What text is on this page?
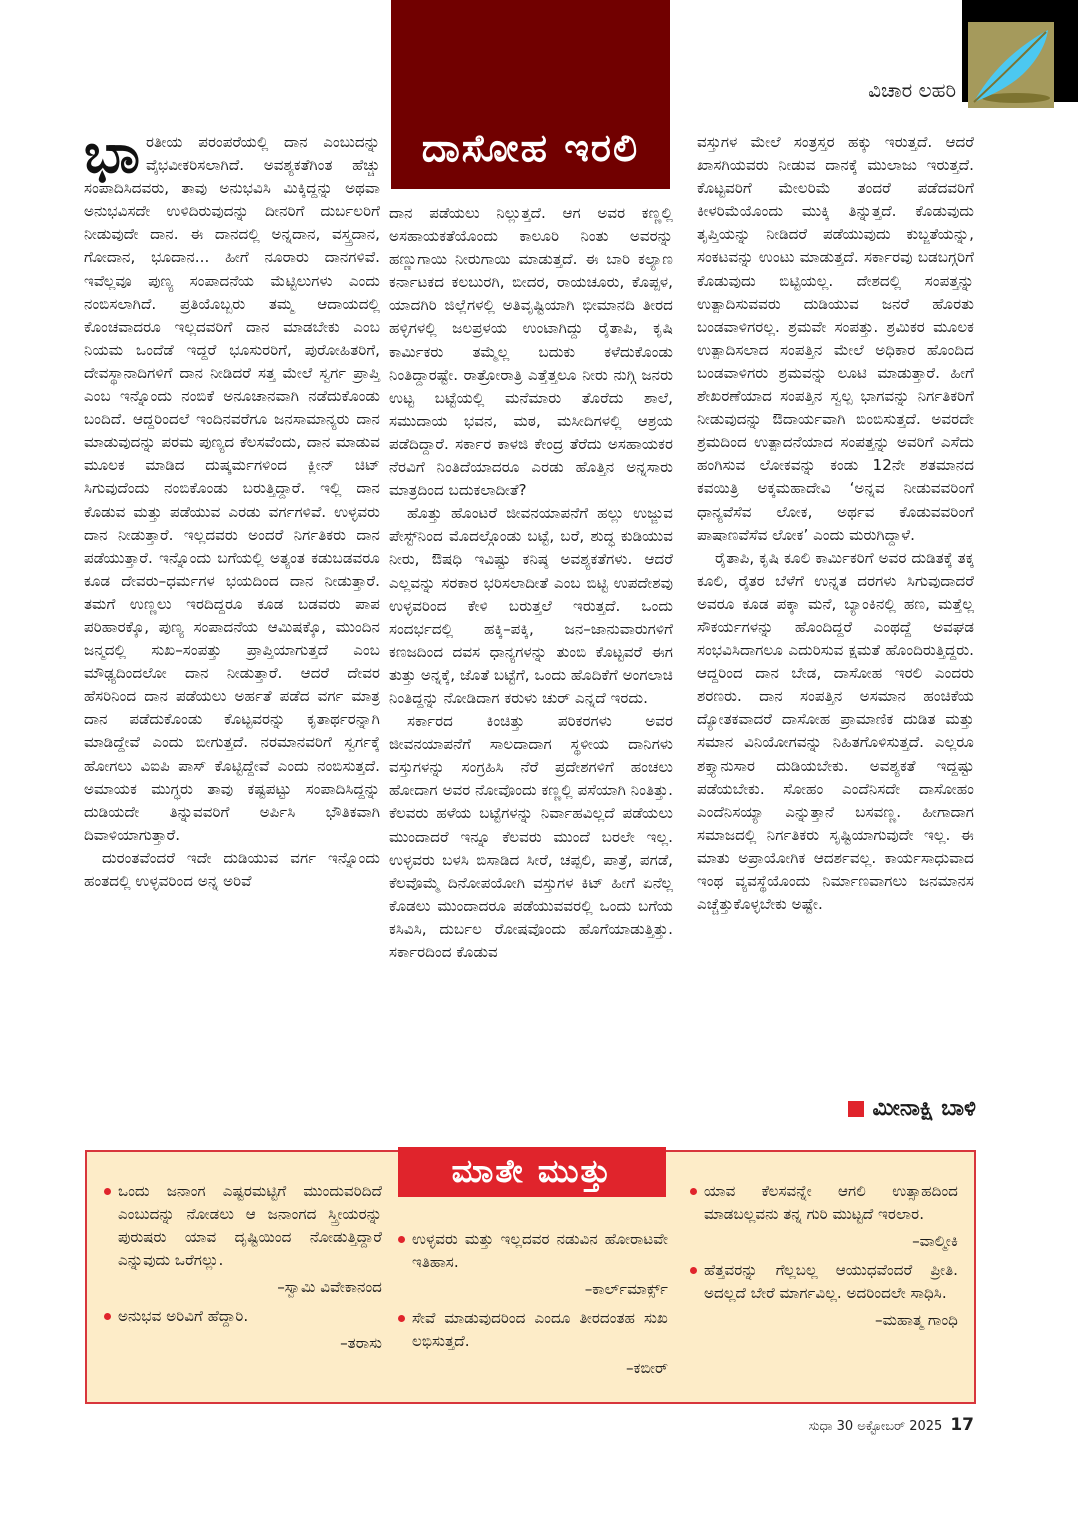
ವಿಚಾರ ಲಹರಿ
ದಾಸೋಹ ಇರಲಿ

ಭಾರತೀಯ ಪರಂಪರೆಯಲ್ಲಿ ದಾನ ಎಂಬುದನ್ನು ವೈಭವೀಕರಿಸಲಾಗಿದೆ. ಅವಶ್ಯಕತೆಗಿಂತ ಹೆಚ್ಚು ಸಂಪಾದಿಸಿದವರು, ತಾವು ಅನುಭವಿಸಿ ಮಿಕ್ಕಿದ್ದನ್ನು ಅಥವಾ ಅನುಭವಿಸದೇ ಉಳಿದಿರುವುದನ್ನು ದೀನರಿಗೆ ದುರ್ಬಲರಿಗೆ ನೀಡುವುದೇ ದಾನ. ಈ ದಾನದಲ್ಲಿ ಅನ್ನದಾನ, ವಸ್ತ್ರದಾನ, ಗೋದಾನ, ಭೂದಾನ... ಹೀಗೆ ನೂರಾರು ದಾನಗಳಿವೆ. ಇವೆಲ್ಲವೂ ಪುಣ್ಯ ಸಂಪಾದನೆಯ ಮೆಟ್ಟಿಲುಗಳು ಎಂದು ನಂಬಿಸಲಾಗಿದೆ. ಪ್ರತಿಯೊಬ್ಬರು ತಮ್ಮ ಆದಾಯದಲ್ಲಿ ಕೊಂಚವಾದರೂ ಇಲ್ಲದವರಿಗೆ ದಾನ ಮಾಡಬೇಕು ಎಂಬ ನಿಯಮ ಒಂದೆಡೆ ಇದ್ದರೆ ಭೂಸುರರಿಗೆ, ಪುರೋಹಿತರಿಗೆ, ದೇವಸ್ಥಾನಾದಿಗಳಿಗೆ ದಾನ ನೀಡಿದರೆ ಸತ್ತ ಮೇಲೆ ಸ್ವರ್ಗ ಪ್ರಾಪ್ತಿ ಎಂಬ ಇನ್ನೊಂದು ನಂಬಿಕೆ ಅನೂಚಾನವಾಗಿ ನಡೆದುಕೊಂಡು ಬಂದಿದೆ. ಆದ್ದರಿಂದಲೆ ಇಂದಿನವರೆಗೂ ಜನಸಾಮಾನ್ಯರು ದಾನ ಮಾಡುವುದನ್ನು ಪರಮ ಪುಣ್ಯದ ಕೆಲಸವೆಂದು, ದಾನ ಮಾಡುವ ಮೂಲಕ ಮಾಡಿದ ದುಷ್ಕರ್ಮಗಳಿಂದ ಕ್ಲೀನ್ ಚಿಟ್ ಸಿಗುವುದೆಂದು ನಂಬಿಕೊಂಡು ಬರುತ್ತಿದ್ದಾರೆ. ಇಲ್ಲಿ ದಾನ ಕೊಡುವ ಮತ್ತು ಪಡೆಯುವ ಎರಡು ವರ್ಗಗಳಿವೆ. ಉಳ್ಳವರು ದಾನ ನೀಡುತ್ತಾರೆ. ಇಲ್ಲದವರು ಅಂದರೆ ನಿರ್ಗತಿಕರು ದಾನ ಪಡೆಯುತ್ತಾರೆ. ಇನ್ನೊಂದು ಬಗೆಯಲ್ಲಿ ಅತ್ಯಂತ ಕಡುಬಡವರೂ ಕೂಡ ದೇವರು–ಧರ್ಮಗಳ ಭಯದಿಂದ ದಾನ ನೀಡುತ್ತಾರೆ. ತಮಗೆ ಉಣ್ಣಲು ಇರದಿದ್ದರೂ ಕೂಡ ಬಡವರು ಪಾಪ ಪರಿಹಾರಕ್ಕೊ, ಪುಣ್ಯ ಸಂಪಾದನೆಯ ಆಮಿಷಕ್ಕೊ, ಮುಂದಿನ ಜನ್ಮದಲ್ಲಿ ಸುಖ–ಸಂಪತ್ತು ಪ್ರಾಪ್ತಿಯಾಗುತ್ತದೆ ಎಂಬ ಮೌಢ್ಯದಿಂದಲೋ ದಾನ ನೀಡುತ್ತಾರೆ. ಆದರೆ ದೇವರ ಹೆಸರಿನಿಂದ ದಾನ ಪಡೆಯಲು ಅರ್ಹತೆ ಪಡೆದ ವರ್ಗ ಮಾತ್ರ ದಾನ ಪಡೆದುಕೊಂಡು ಕೊಟ್ಟವರನ್ನು ಕೃತಾರ್ಥರನ್ನಾಗಿ ಮಾಡಿದ್ದೇವೆ ಎಂದು ಬೀಗುತ್ತದೆ. ನರಮಾನವರಿಗೆ ಸ್ವರ್ಗಕ್ಕೆ ಹೋಗಲು ವಿಐಪಿ ಪಾಸ್ ಕೊಟ್ಟಿದ್ದೇವೆ ಎಂದು ನಂಬಿಸುತ್ತದೆ. ಅಮಾಯಕ ಮುಗ್ಧರು ತಾವು ಕಷ್ಟಪಟ್ಟು ಸಂಪಾದಿಸಿದ್ದನ್ನು ದುಡಿಯದೇ ತಿನ್ನುವವರಿಗೆ ಅರ್ಪಿಸಿ ಭೌತಿಕವಾಗಿ ದಿವಾಳಿಯಾಗುತ್ತಾರೆ.

ದುರಂತವೆಂದರೆ ಇದೇ ದುಡಿಯುವ ವರ್ಗ ಇನ್ನೊಂದು ಹಂತದಲ್ಲಿ ಉಳ್ಳವರಿಂದ ಅನ್ನ ಅರಿವೆ

ದಾನ ಪಡೆಯಲು ನಿಲ್ಲುತ್ತದೆ. ಆಗ ಅವರ ಕಣ್ಣಲ್ಲಿ ಅಸಹಾಯಕತೆಯೊಂದು ಕಾಲೂರಿ ನಿಂತು ಅವರನ್ನು ಹಣ್ಣುಗಾಯಿ ನೀರುಗಾಯಿ ಮಾಡುತ್ತದೆ. ಈ ಬಾರಿ ಕಲ್ಯಾಣ ಕರ್ನಾಟಕದ ಕಲಬುರಗಿ, ಬೀದರ, ರಾಯಚೂರು, ಕೊಪ್ಪಳ, ಯಾದಗಿರಿ ಜಿಲ್ಲೆಗಳಲ್ಲಿ ಅತಿವೃಷ್ಟಿಯಾಗಿ ಭೀಮಾನದಿ ತೀರದ ಹಳ್ಳಿಗಳಲ್ಲಿ ಜಲಪ್ರಳಯ ಉಂಟಾಗಿದ್ದು ರೈತಾಪಿ, ಕೃಷಿ ಕಾರ್ಮಿಕರು ತಮ್ಮೆಲ್ಲ ಬದುಕು ಕಳೆದುಕೊಂಡು ನಿಂತಿದ್ದಾರಷ್ಟೇ. ರಾತ್ರೋರಾತ್ರಿ ಎತ್ತೆತ್ತಲೂ ನೀರು ನುಗ್ಗಿ ಜನರು ಉಟ್ಟ ಬಟ್ಟೆಯಲ್ಲಿ ಮನೆಮಾರು ತೊರೆದು ಶಾಲೆ, ಸಮುದಾಯ ಭವನ, ಮಠ, ಮಸೀದಿಗಳಲ್ಲಿ ಆಶ್ರಯ ಪಡೆದಿದ್ದಾರೆ. ಸರ್ಕಾರ ಕಾಳಜಿ ಕೇಂದ್ರ ತೆರೆದು ಅಸಹಾಯಕರ ನೆರವಿಗೆ ನಿಂತಿದೆಯಾದರೂ ಎರಡು ಹೊತ್ತಿನ ಅನ್ನಸಾರು ಮಾತ್ರದಿಂದ ಬದುಕಲಾದೀತೆ?

ಹೊತ್ತು ಹೊಂಟರೆ ಜೀವನಯಾಪನೆಗೆ ಹಲ್ಲು ಉಜ್ಜುವ ಪೇಸ್ಟ್‌ನಿಂದ ಮೊದಲ್ಗೊಂಡು ಬಟ್ಟೆ, ಬರೆ, ಶುದ್ಧ ಕುಡಿಯುವ ನೀರು, ಔಷಧಿ ಇವಿಷ್ಟು ಕನಿಷ್ಠ ಅವಶ್ಯಕತೆಗಳು. ಆದರೆ ಎಲ್ಲವನ್ನು ಸರಕಾರ ಭರಿಸಲಾದೀತೆ ಎಂಬ ಬಿಟ್ಟಿ ಉಪದೇಶವು ಉಳ್ಳವರಿಂದ ಕೇಳಿ ಬರುತ್ತಲೆ ಇರುತ್ತದೆ. ಒಂದು ಸಂದರ್ಭದಲ್ಲಿ ಹಕ್ಕಿ–ಪಕ್ಕಿ, ಜನ–ಜಾನುವಾರುಗಳಿಗೆ ಕಣಜದಿಂದ ದವಸ ಧಾನ್ಯಗಳನ್ನು ತುಂಬಿ ಕೊಟ್ಟವರೆ ಈಗ ತುತ್ತು ಅನ್ನಕ್ಕೆ, ಜೊತೆ ಬಟ್ಟೆಗೆ, ಒಂದು ಹೊದಿಕೆಗೆ ಅಂಗಲಾಚಿ ನಿಂತಿದ್ದನ್ನು ನೋಡಿದಾಗ ಕರುಳು ಚುರ್ ಎನ್ನದೆ ಇರದು.

ಸರ್ಕಾರದ ಕಿಂಚಿತ್ತು ಪರಿಕರಗಳು ಅವರ ಜೀವನಯಾಪನೆಗೆ ಸಾಲದಾದಾಗ ಸ್ಥಳೀಯ ದಾನಿಗಳು ವಸ್ತುಗಳನ್ನು ಸಂಗ್ರಹಿಸಿ ನೆರೆ ಪ್ರದೇಶಗಳಿಗೆ ಹಂಚಲು ಹೋದಾಗ ಅವರ ನೋವೊಂದು ಕಣ್ಣಲ್ಲಿ ಪಸೆಯಾಗಿ ನಿಂತಿತ್ತು. ಕೆಲವರು ಹಳೆಯ ಬಟ್ಟೆಗಳನ್ನು ನಿರ್ವಾಹವಿಲ್ಲದೆ ಪಡೆಯಲು ಮುಂದಾದರೆ ಇನ್ನೂ ಕೆಲವರು ಮುಂದೆ ಬರಲೇ ಇಲ್ಲ. ಉಳ್ಳವರು ಬಳಸಿ ಬಿಸಾಡಿದ ಸೀರೆ, ಚಪ್ಪಲಿ, ಪಾತ್ರೆ, ಪಗಡೆ, ಕೆಲವೊಮ್ಮೆ ದಿನೋಪಯೋಗಿ ವಸ್ತುಗಳ ಕಿಟ್ ಹೀಗೆ ಏನೆಲ್ಲ ಕೊಡಲು ಮುಂದಾದರೂ ಪಡೆಯುವವರಲ್ಲಿ ಒಂದು ಬಗೆಯ ಕಸಿವಿಸಿ, ದುರ್ಬಲ ರೋಷವೊಂದು ಹೊಗೆಯಾಡುತ್ತಿತ್ತು. ಸರ್ಕಾರದಿಂದ ಕೊಡುವ

ವಸ್ತುಗಳ ಮೇಲೆ ಸಂತ್ರಸ್ತರ ಹಕ್ಕು ಇರುತ್ತದೆ. ಆದರೆ ಖಾಸಗಿಯವರು ನೀಡುವ ದಾನಕ್ಕೆ ಮುಲಾಜು ಇರುತ್ತದೆ. ಕೊಟ್ಟವರಿಗೆ ಮೇಲರಿಮೆ ತಂದರೆ ಪಡೆದವರಿಗೆ ಕೀಳರಿಮೆಯೊಂದು ಮುಕ್ಕಿ ತಿನ್ನುತ್ತದೆ. ಕೊಡುವುದು ತೃಪ್ತಿಯನ್ನು ನೀಡಿದರೆ ಪಡೆಯುವುದು ಕುಬ್ಜತೆಯನ್ನು, ಸಂಕಟವನ್ನು ಉಂಟು ಮಾಡುತ್ತದೆ. ಸರ್ಕಾರವು ಬಡಬಗ್ಗರಿಗೆ ಕೊಡುವುದು ಬಿಟ್ಟಿಯಲ್ಲ. ದೇಶದಲ್ಲಿ ಸಂಪತ್ತನ್ನು ಉತ್ಪಾದಿಸುವವರು ದುಡಿಯುವ ಜನರೆ ಹೊರತು ಬಂಡವಾಳಿಗರಲ್ಲ. ಶ್ರಮವೇ ಸಂಪತ್ತು. ಶ್ರಮಿಕರ ಮೂಲಕ ಉತ್ಪಾದಿಸಲಾದ ಸಂಪತ್ತಿನ ಮೇಲೆ ಅಧಿಕಾರ ಹೊಂದಿದ ಬಂಡವಾಳಿಗರು ಶ್ರಮವನ್ನು ಲೂಟಿ ಮಾಡುತ್ತಾರೆ. ಹೀಗೆ ಶೇಖರಣೆಯಾದ ಸಂಪತ್ತಿನ ಸ್ವಲ್ಪ ಭಾಗವನ್ನು ನಿರ್ಗತಿಕರಿಗೆ ನೀಡುವುದನ್ನು ಔದಾರ್ಯವಾಗಿ ಬಿಂಬಿಸುತ್ತದೆ. ಅವರದೇ ಶ್ರಮದಿಂದ ಉತ್ಪಾದನೆಯಾದ ಸಂಪತ್ತನ್ನು ಅವರಿಗೆ ಎಸೆದು ಹಂಗಿಸುವ ಲೋಕವನ್ನು ಕಂಡು 12ನೇ ಶತಮಾನದ ಕವಯಿತ್ರಿ ಅಕ್ಕಮಹಾದೇವಿ ‘ಅನ್ನವ ನೀಡುವವರಿಂಗೆ ಧಾನ್ಯವೆಸೆವ ಲೋಕ, ಅರ್ಥವ ಕೊಡುವವರಿಂಗೆ ಪಾಷಾಣವೆಸೆವ ಲೋಕ’ ಎಂದು ಮರುಗಿದ್ದಾಳೆ.

ರೈತಾಪಿ, ಕೃಷಿ ಕೂಲಿ ಕಾರ್ಮಿಕರಿಗೆ ಅವರ ದುಡಿತಕ್ಕೆ ತಕ್ಕ ಕೂಲಿ, ರೈತರ ಬೆಳೆಗೆ ಉನ್ನತ ದರಗಳು ಸಿಗುವುದಾದರೆ ಅವರೂ ಕೂಡ ಪಕ್ಕಾ ಮನೆ, ಬ್ಯಾಂಕಿನಲ್ಲಿ ಹಣ, ಮತ್ತೆಲ್ಲ ಸೌಕರ್ಯಗಳನ್ನು ಹೊಂದಿದ್ದರೆ ಎಂಥದ್ದೆ ಅವಘಡ ಸಂಭವಿಸಿದಾಗಲೂ ಎದುರಿಸುವ ಕ್ಷಮತೆ ಹೊಂದಿರುತ್ತಿದ್ದರು. ಆದ್ದರಿಂದ ದಾನ ಬೇಡ, ದಾಸೋಹ ಇರಲಿ ಎಂದರು ಶರಣರು. ದಾನ ಸಂಪತ್ತಿನ ಅಸಮಾನ ಹಂಚಿಕೆಯ ದ್ಯೋತಕವಾದರೆ ದಾಸೋಹ ಪ್ರಾಮಾಣಿಕ ದುಡಿತ ಮತ್ತು ಸಮಾನ ವಿನಿಯೋಗವನ್ನು ನಿಹಿತಗೊಳಿಸುತ್ತದೆ. ಎಲ್ಲರೂ ಶಕ್ತ್ಯಾನುಸಾರ ದುಡಿಯಬೇಕು. ಅವಶ್ಯಕತೆ ಇದ್ದಷ್ಟು ಪಡೆಯಬೇಕು. ಸೋಹಂ ಎಂದೆನಿಸದೇ ದಾಸೋಹಂ ಎಂದೆನಿಸಯ್ಯಾ ಎನ್ನುತ್ತಾನೆ ಬಸವಣ್ಣ. ಹೀಗಾದಾಗ ಸಮಾಜದಲ್ಲಿ ನಿರ್ಗತಿಕರು ಸೃಷ್ಟಿಯಾಗುವುದೇ ಇಲ್ಲ. ಈ ಮಾತು ಅಪ್ರಾಯೋಗಿಕ ಆದರ್ಶವಲ್ಲ. ಕಾರ್ಯಸಾಧುವಾದ ಇಂಥ ವ್ಯವಸ್ಥೆಯೊಂದು ನಿರ್ಮಾಣವಾಗಲು ಜನಮಾನಸ ಎಚ್ಚೆತ್ತುಕೊಳ್ಳಬೇಕು ಅಷ್ಟೇ.

ಮೀನಾಕ್ಷಿ ಬಾಳಿ
ಮಾತೇ ಮುತ್ತು
ಒಂದು ಜನಾಂಗ ಎಷ್ಟರಮಟ್ಟಿಗೆ ಮುಂದುವರಿದಿದೆ ಎಂಬುದನ್ನು ನೋಡಲು ಆ ಜನಾಂಗದ ಸ್ತ್ರೀಯರನ್ನು ಪುರುಷರು ಯಾವ ದೃಷ್ಟಿಯಿಂದ ನೋಡುತ್ತಿದ್ದಾರೆ ಎನ್ನುವುದು ಒರೆಗಲ್ಲು.
–ಸ್ವಾಮಿ ವಿವೇಕಾನಂದ
ಅನುಭವ ಅರಿವಿಗೆ ಹೆದ್ದಾರಿ.
–ತರಾಸು
ಉಳ್ಳವರು ಮತ್ತು ಇಲ್ಲದವರ ನಡುವಿನ ಹೋರಾಟವೇ ಇತಿಹಾಸ.
–ಕಾರ್ಲ್‌ಮಾರ್ಕ್ಸ್
ಸೇವೆ ಮಾಡುವುದರಿಂದ ಎಂದೂ ತೀರದಂತಹ ಸುಖ ಲಭಿಸುತ್ತದೆ.
–ಕಬೀರ್
ಯಾವ ಕೆಲಸವನ್ನೇ ಆಗಲಿ ಉತ್ಸಾಹದಿಂದ ಮಾಡಬಲ್ಲವನು ತನ್ನ ಗುರಿ ಮುಟ್ಟದೆ ಇರಲಾರ.
–ವಾಲ್ಮೀಕಿ
ಹೆತ್ತವರನ್ನು ಗೆಲ್ಲಬಲ್ಲ ಆಯುಧವೆಂದರೆ ಪ್ರೀತಿ. ಅದಲ್ಲದೆ ಬೇರೆ ಮಾರ್ಗವಿಲ್ಲ. ಅದರಿಂದಲೇ ಸಾಧಿಸಿ.
–ಮಹಾತ್ಮ ಗಾಂಧಿ
ಸುಧಾ 30 ಅಕ್ಟೋಬರ್ 2025 17
